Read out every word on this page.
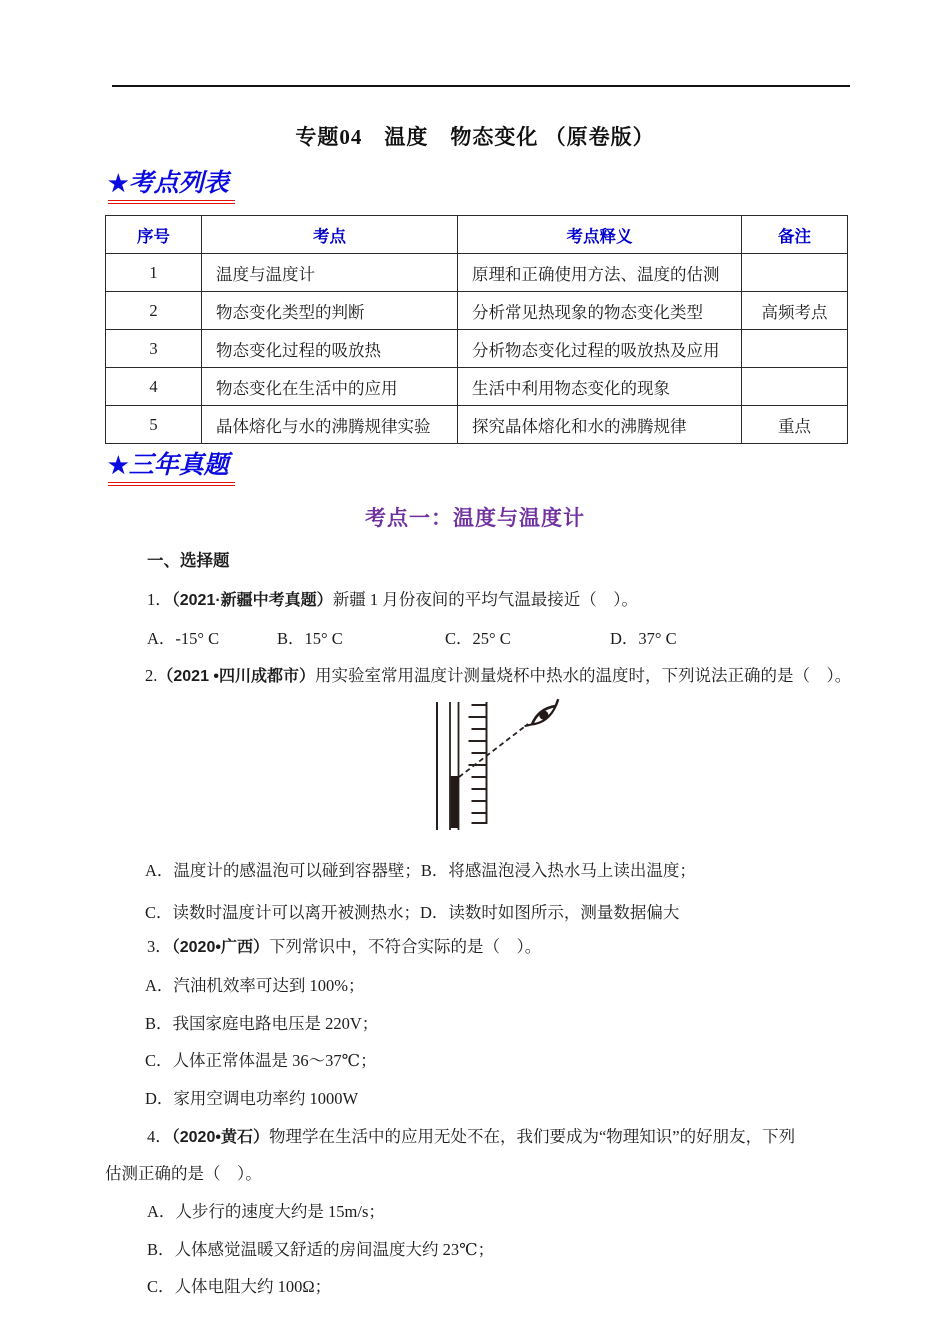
专题04　温度　物态变化 （原卷版）
★考点列表
序号	考点	考点释义	备注
1	温度与温度计	原理和正确使用方法、温度的估测	
2	物态变化类型的判断	分析常见热现象的物态变化类型	高频考点
3	物态变化过程的吸放热	分析物态变化过程的吸放热及应用	
4	物态变化在生活中的应用	生活中利用物态变化的现象	
5	晶体熔化与水的沸腾规律实验	探究晶体熔化和水的沸腾规律	重点
★三年真题
考点一：温度与温度计
一、选择题
1．（2021·新疆中考真题）新疆 1 月份夜间的平均气温最接近（　）。
A．-15° C	B．15° C	C．25° C	D．37° C
2.（2021 •四川成都市）用实验室常用温度计测量烧杯中热水的温度时，下列说法正确的是（　）。
A．温度计的感温泡可以碰到容器壁；B．将感温泡浸入热水马上读出温度；
C．读数时温度计可以离开被测热水；D．读数时如图所示，测量数据偏大
3．（2020•广西）下列常识中，不符合实际的是（　）。
A．汽油机效率可达到 100%；
B．我国家庭电路电压是 220V；
C．人体正常体温是 36～37℃；
D．家用空调电功率约 1000W
4．（2020•黄石）物理学在生活中的应用无处不在，我们要成为“物理知识”的好朋友，下列
估测正确的是（　）。
A．人步行的速度大约是 15m/s；
B．人体感觉温暖又舒适的房间温度大约 23℃；
C．人体电阻大约 100Ω；
